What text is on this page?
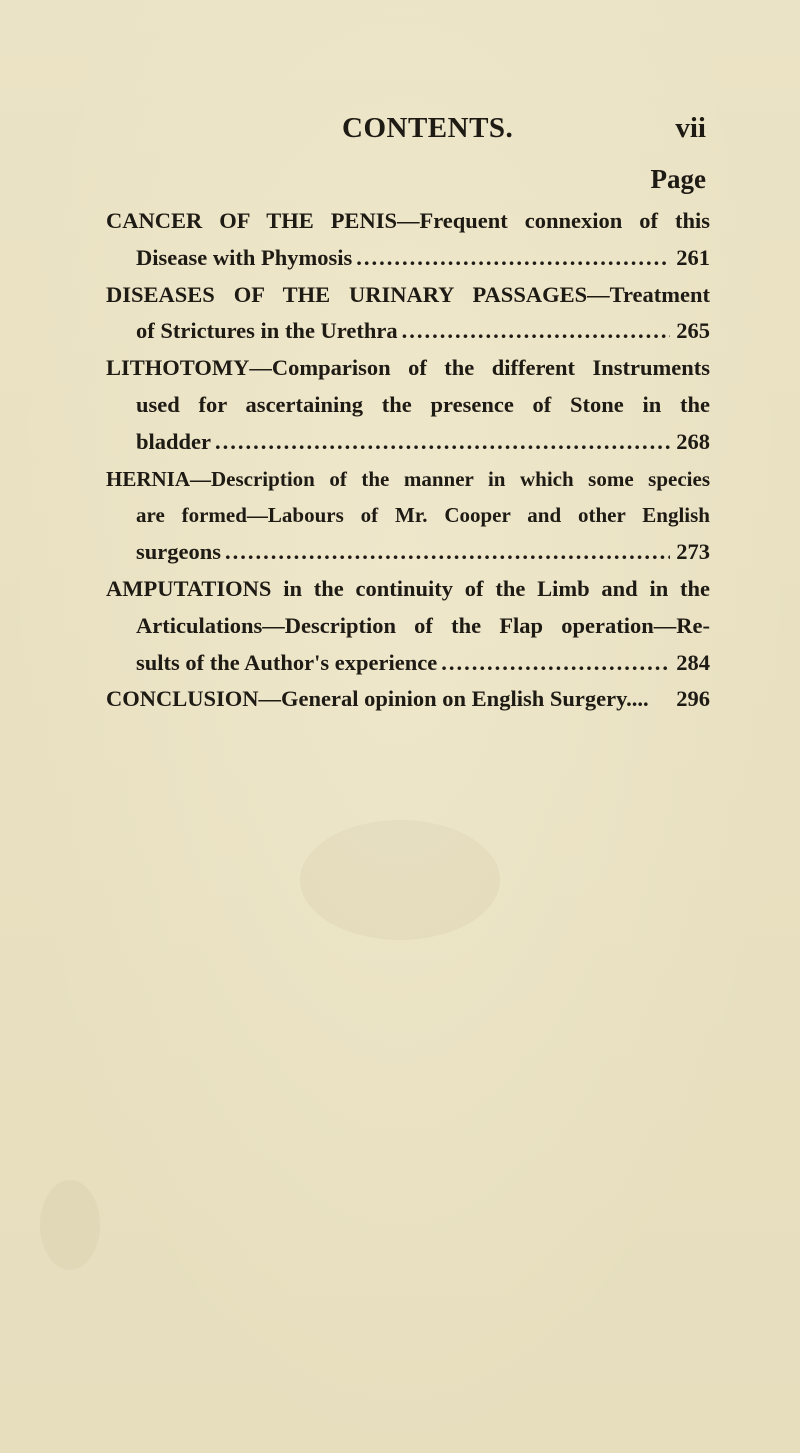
CONTENTS.	vii
Page
CANCER OF THE PENIS—Frequent connexion of this
Disease with Phymosis .....	261
DISEASES OF THE URINARY PASSAGES—Treatment
of Strictures in the Urethra .....	265
LITHOTOMY—Comparison of the different Instruments
used for ascertaining the presence of Stone in the
bladder .....	268
HERNIA—Description of the manner in which some species
are formed—Labours of Mr. Cooper and other English
surgeons .....	273
AMPUTATIONS in the continuity of the Limb and in the
Articulations—Description of the Flap operation—Re-
sults of the Author's experience .....	284
CONCLUSION—General opinion on English Surgery.... 296
